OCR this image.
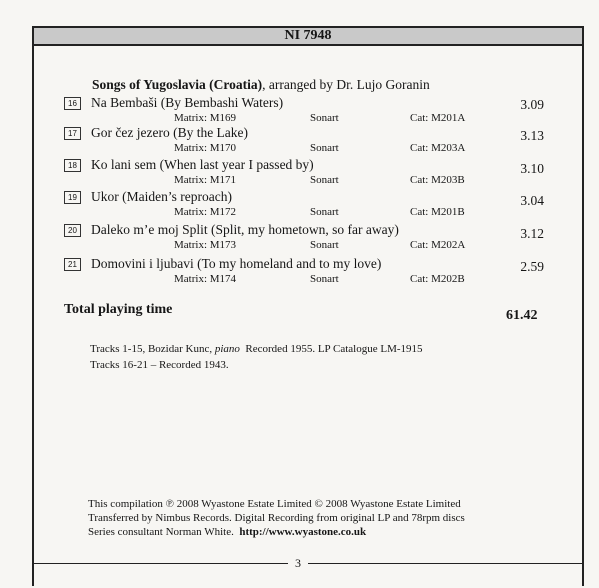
NI 7948
Songs of Yugoslavia (Croatia), arranged by Dr. Lujo Goranin
16 Na Bembaši (By Bembashi Waters)	3.09
Matrix: M169	Sonart	Cat: M201A
17 Gor čez jezero (By the Lake)	3.13
Matrix: M170	Sonart	Cat: M203A
18 Ko lani sem (When last year I passed by)	3.10
Matrix: M171	Sonart	Cat: M203B
19 Ukor (Maiden’s reproach)	3.04
Matrix: M172	Sonart	Cat: M201B
20 Daleko m’e moj Split (Split, my hometown, so far away)	3.12
Matrix: M173	Sonart	Cat: M202A
21 Domovini i ljubavi (To my homeland and to my love)	2.59
Matrix: M174	Sonart	Cat: M202B
Total playing time	61.42
Tracks 1-15, Bozidar Kunc, piano  Recorded 1955. LP Catalogue LM-1915
Tracks 16-21 – Recorded 1943.
This compilation ℗ 2008 Wyastone Estate Limited © 2008 Wyastone Estate Limited
Transferred by Nimbus Records. Digital Recording from original LP and 78rpm discs
Series consultant Norman White.  http://www.wyastone.co.uk
3
